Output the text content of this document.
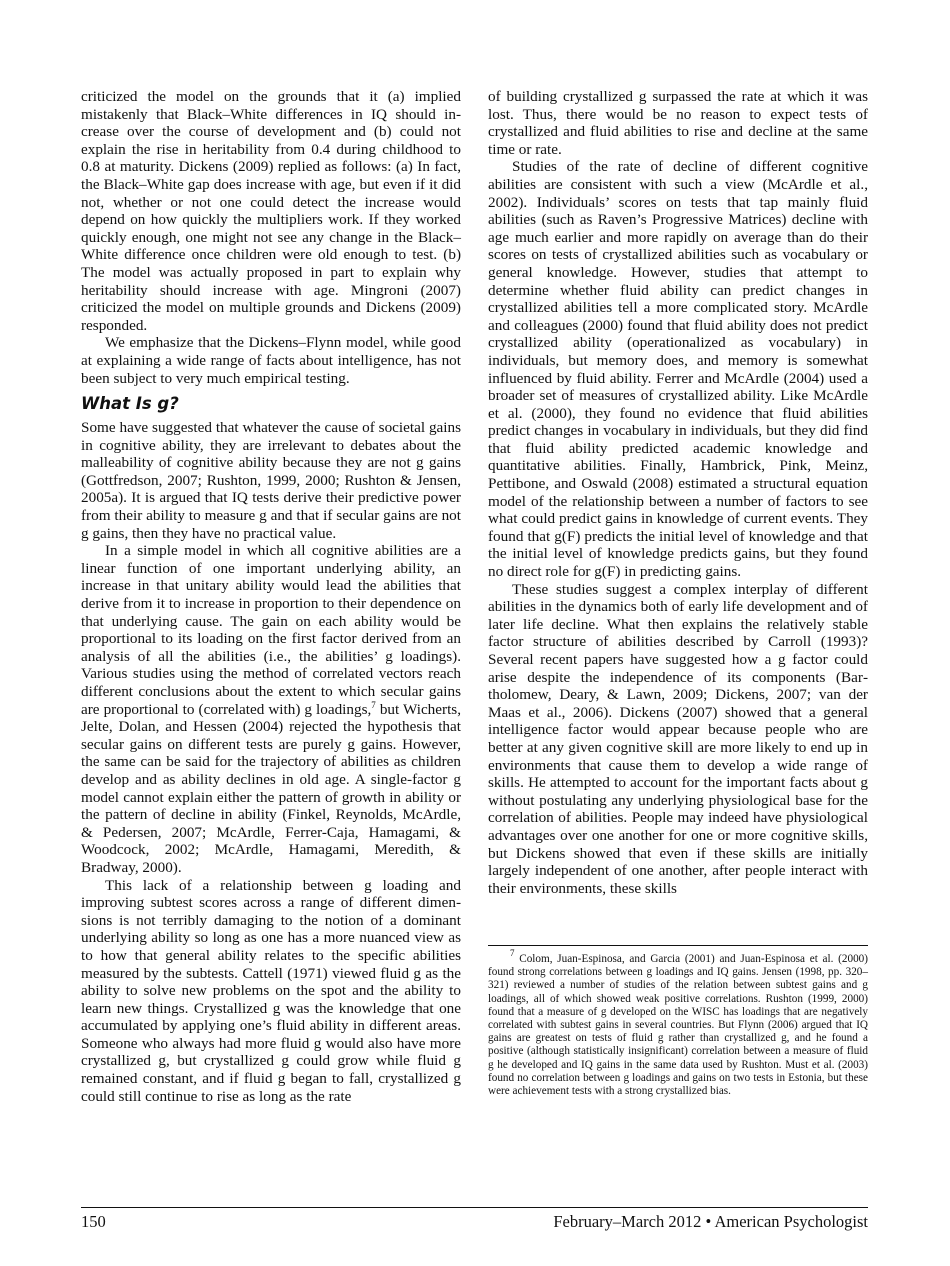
criticized the model on the grounds that it (a) implied mistakenly that Black–White differences in IQ should increase over the course of development and (b) could not explain the rise in heritability from 0.4 during childhood to 0.8 at maturity. Dickens (2009) replied as follows: (a) In fact, the Black–White gap does increase with age, but even if it did not, whether or not one could detect the increase would depend on how quickly the multipliers work. If they worked quickly enough, one might not see any change in the Black–White difference once children were old enough to test. (b) The model was actually proposed in part to explain why heritability should increase with age. Mingroni (2007) criticized the model on multiple grounds and Dickens (2009) responded.

We emphasize that the Dickens–Flynn model, while good at explaining a wide range of facts about intelligence, has not been subject to very much empirical testing.

What Is g?

Some have suggested that whatever the cause of societal gains in cognitive ability, they are irrelevant to debates about the malleability of cognitive ability because they are not g gains (Gottfredson, 2007; Rushton, 1999, 2000; Rushton & Jensen, 2005a). It is argued that IQ tests derive their predictive power from their ability to measure g and that if secular gains are not g gains, then they have no practical value.

In a simple model in which all cognitive abilities are a linear function of one important underlying ability, an increase in that unitary ability would lead the abilities that derive from it to increase in proportion to their dependence on that underlying cause. The gain on each ability would be proportional to its loading on the first factor derived from an analysis of all the abilities (i.e., the abilities’ g loadings). Various studies using the method of correlated vectors reach different conclusions about the extent to which secular gains are proportional to (correlated with) g loadings,$^7$ but Wicherts, Jelte, Dolan, and Hessen (2004) rejected the hypothesis that secular gains on different tests are purely g gains. However, the same can be said for the trajectory of abilities as children develop and as ability declines in old age. A single-factor g model cannot explain either the pattern of growth in ability or the pattern of decline in ability (Finkel, Reynolds, McArdle, & Pedersen, 2007; McArdle, Ferrer-Caja, Hamagami, & Woodcock, 2002; McArdle, Hamagami, Meredith, & Bradway, 2000).

This lack of a relationship between g loading and improving subtest scores across a range of different dimensions is not terribly damaging to the notion of a dominant underlying ability so long as one has a more nuanced view as to how that general ability relates to the specific abilities measured by the subtests. Cattell (1971) viewed fluid g as the ability to solve new problems on the spot and the ability to learn new things. Crystallized g was the knowledge that one accumulated by applying one’s fluid ability in different areas. Someone who always had more fluid g would also have more crystallized g, but crystallized g could grow while fluid g remained constant, and if fluid g began to fall, crystallized g could still continue to rise as long as the rate

of building crystallized g surpassed the rate at which it was lost. Thus, there would be no reason to expect tests of crystallized and fluid abilities to rise and decline at the same time or rate.

Studies of the rate of decline of different cognitive abilities are consistent with such a view (McArdle et al., 2002). Individuals’ scores on tests that tap mainly fluid abilities (such as Raven’s Progressive Matrices) decline with age much earlier and more rapidly on average than do their scores on tests of crystallized abilities such as vocabulary or general knowledge. However, studies that attempt to determine whether fluid ability can predict changes in crystallized abilities tell a more complicated story. McArdle and colleagues (2000) found that fluid ability does not predict crystallized ability (operationalized as vocabulary) in individuals, but memory does, and memory is somewhat influenced by fluid ability. Ferrer and McArdle (2004) used a broader set of measures of crystallized ability. Like McArdle et al. (2000), they found no evidence that fluid abilities predict changes in vocabulary in individuals, but they did find that fluid ability predicted academic knowledge and quantitative abilities. Finally, Hambrick, Pink, Meinz, Pettibone, and Oswald (2008) estimated a structural equation model of the relationship between a number of factors to see what could predict gains in knowledge of current events. They found that g(F) predicts the initial level of knowledge and that the initial level of knowledge predicts gains, but they found no direct role for g(F) in predicting gains.

These studies suggest a complex interplay of different abilities in the dynamics both of early life development and of later life decline. What then explains the relatively stable factor structure of abilities described by Carroll (1993)? Several recent papers have suggested how a g factor could arise despite the independence of its components (Bartholomew, Deary, & Lawn, 2009; Dickens, 2007; van der Maas et al., 2006). Dickens (2007) showed that a general intelligence factor would appear because people who are better at any given cognitive skill are more likely to end up in environments that cause them to develop a wide range of skills. He attempted to account for the important facts about g without postulating any underlying physiological base for the correlation of abilities. People may indeed have physiological advantages over one another for one or more cognitive skills, but Dickens showed that even if these skills are initially largely independent of one another, after people interact with their environments, these skills

$^7$ Colom, Juan-Espinosa, and Garcia (2001) and Juan-Espinosa et al. (2000) found strong correlations between g loadings and IQ gains. Jensen (1998, pp. 320–321) reviewed a number of studies of the relation between subtest gains and g loadings, all of which showed weak positive correlations. Rushton (1999, 2000) found that a measure of g developed on the WISC has loadings that are negatively correlated with subtest gains in several countries. But Flynn (2006) argued that IQ gains are greatest on tests of fluid g rather than crystallized g, and he found a positive (although statistically insignificant) correlation between a measure of fluid g he developed and IQ gains in the same data used by Rushton. Must et al. (2003) found no correlation between g loadings and gains on two tests in Estonia, but these were achievement tests with a strong crystallized bias.

150	February–March 2012 • American Psychologist
